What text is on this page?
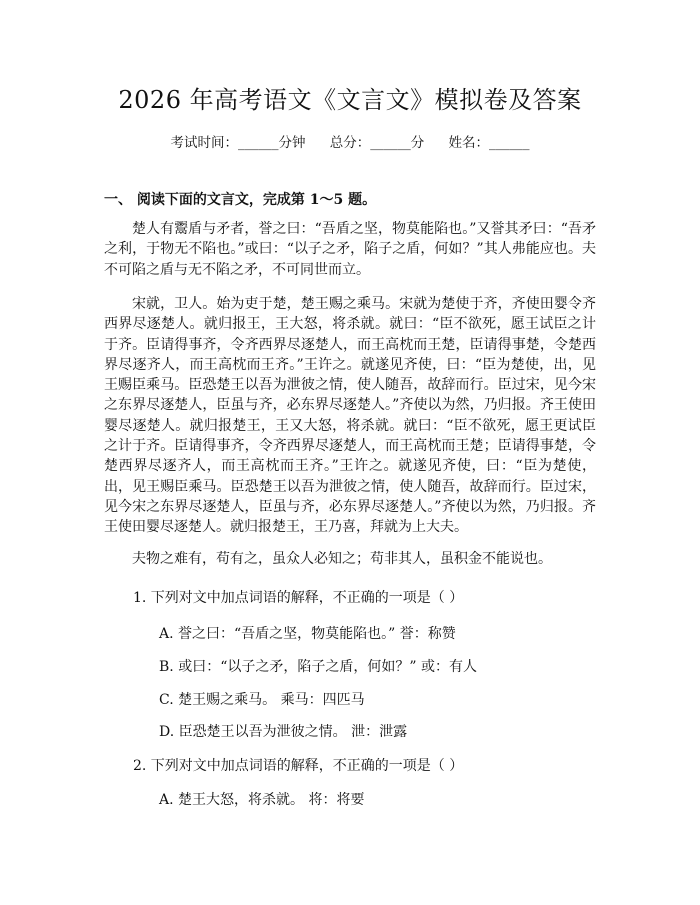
2026 年高考语文《文言文》模拟卷及答案
考试时间：______分钟 总分：______分 姓名：______
一、 阅读下面的文言文，完成第 1～5 题。
楚人有鬻盾与矛者，誉之曰：“吾盾之坚，物莫能陷也。”又誉其矛曰：“吾矛之利，于物无不陷也。”或曰：“以子之矛，陷子之盾，何如？”其人弗能应也。夫不可陷之盾与无不陷之矛，不可同世而立。
宋就，卫人。始为吏于楚，楚王赐之乘马。宋就为楚使于齐，齐使田婴令齐西界尽逐楚人。就归报王，王大怒，将杀就。就曰：“臣不欲死，愿王试臣之计于齐。臣请得事齐，令齐西界尽逐楚人，而王高枕而王楚，臣请得事楚，令楚西界尽逐齐人，而王高枕而王齐。”王许之。就遂见齐使，曰：“臣为楚使，出，见王赐臣乘马。臣恐楚王以吾为泄彼之情，使人随吾，故辞而行。臣过宋，见今宋之东界尽逐楚人，臣虽与齐，必东界尽逐楚人。”齐使以为然，乃归报。齐王使田婴尽逐楚人。就归报楚王，王又大怒，将杀就。就曰：“臣不欲死，愿王更试臣之计于齐。臣请得事齐，令齐西界尽逐楚人，而王高枕而王楚；臣请得事楚，令楚西界尽逐齐人，而王高枕而王齐。”王许之。就遂见齐使，曰：“臣为楚使，出，见王赐臣乘马。臣恐楚王以吾为泄彼之情，使人随吾，故辞而行。臣过宋，见今宋之东界尽逐楚人，臣虽与齐，必东界尽逐楚人。”齐使以为然，乃归报。齐王使田婴尽逐楚人。就归报楚王，王乃喜，拜就为上大夫。
夫物之难有，苟有之，虽众人必知之；苟非其人，虽积金不能说也。
1. 下列对文中加点词语的解释，不正确的一项是（ ）
A. 誉之曰：“吾盾之坚，物莫能陷也。” 誉：称赞
B. 或曰：“以子之矛，陷子之盾，何如？” 或：有人
C. 楚王赐之乘马。 乘马：四匹马
D. 臣恐楚王以吾为泄彼之情。 泄：泄露
2. 下列对文中加点词语的解释，不正确的一项是（ ）
A. 楚王大怒，将杀就。 将：将要
